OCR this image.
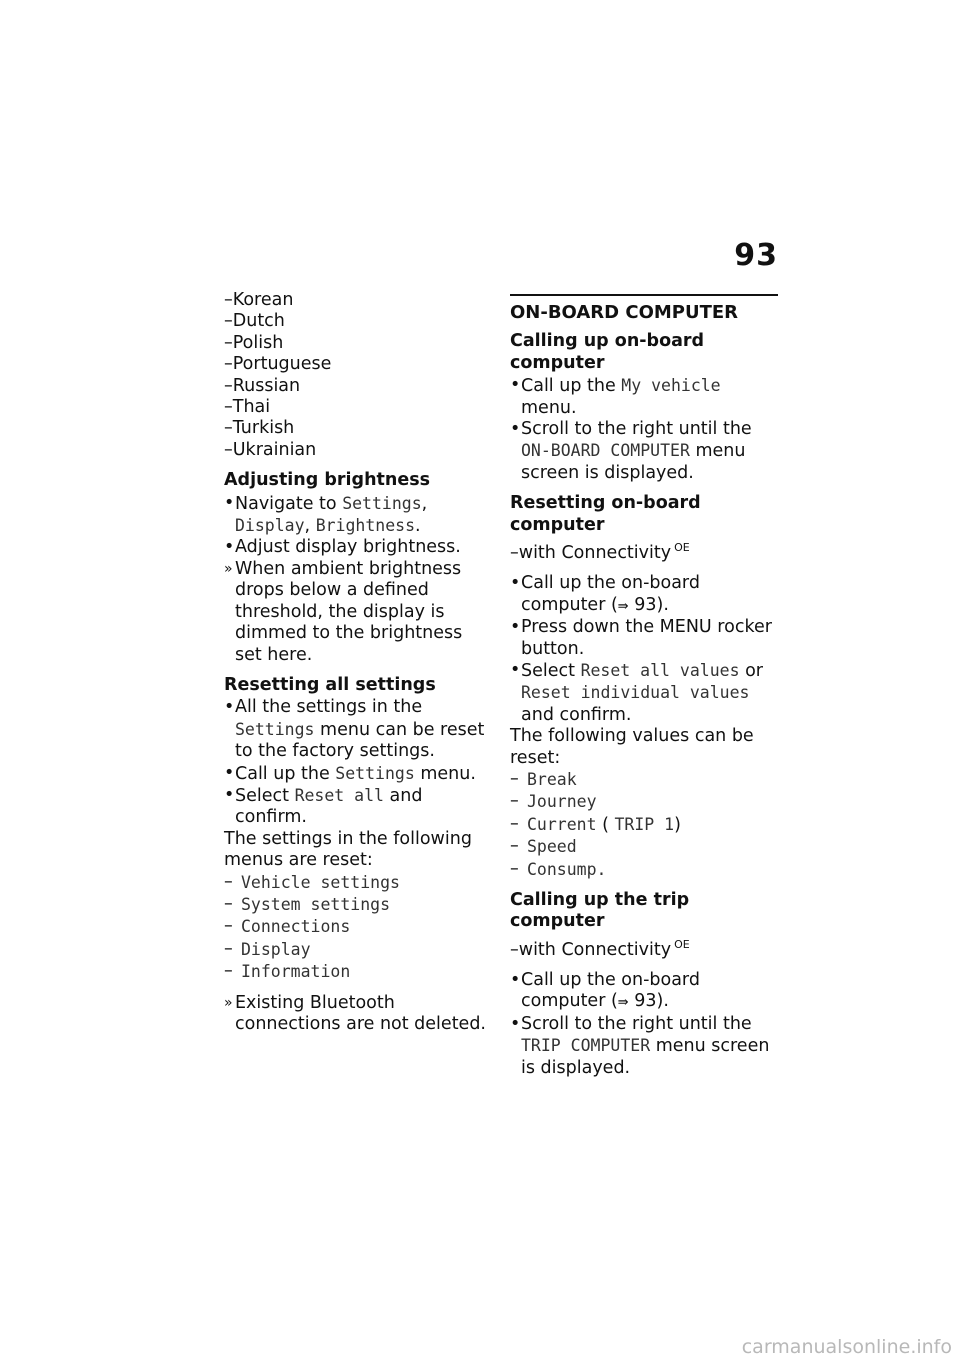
93
–Korean
–Dutch
–Polish
–Portuguese
–Russian
–Thai
–Turkish
–Ukrainian
Adjusting brightness
• Navigate to Settings, Display, Brightness.
• Adjust display brightness.
» When ambient brightness drops below a defined threshold, the display is dimmed to the brightness set here.
Resetting all settings
• All the settings in the Settings menu can be reset to the factory settings.
• Call up the Settings menu.
• Select Reset all and confirm.
The settings in the following menus are reset:
– Vehicle settings
– System settings
– Connections
– Display
– Information
» Existing Bluetooth connections are not deleted.
ON-BOARD COMPUTER
Calling up on-board computer
• Call up the My vehicle menu.
• Scroll to the right until the ON-BOARD COMPUTER menu screen is displayed.
Resetting on-board computer
–with Connectivity $^{OE}$
• Call up the on-board computer (⇛ 93).
• Press down the MENU rocker button.
• Select Reset all values or Reset individual values and confirm.
The following values can be reset:
– Break
– Journey
– Current ( TRIP 1)
– Speed
– Consump.
Calling up the trip computer
–with Connectivity $^{OE}$
• Call up the on-board computer (⇛ 93).
• Scroll to the right until the TRIP COMPUTER menu screen is displayed.
carmanualsonline.info
